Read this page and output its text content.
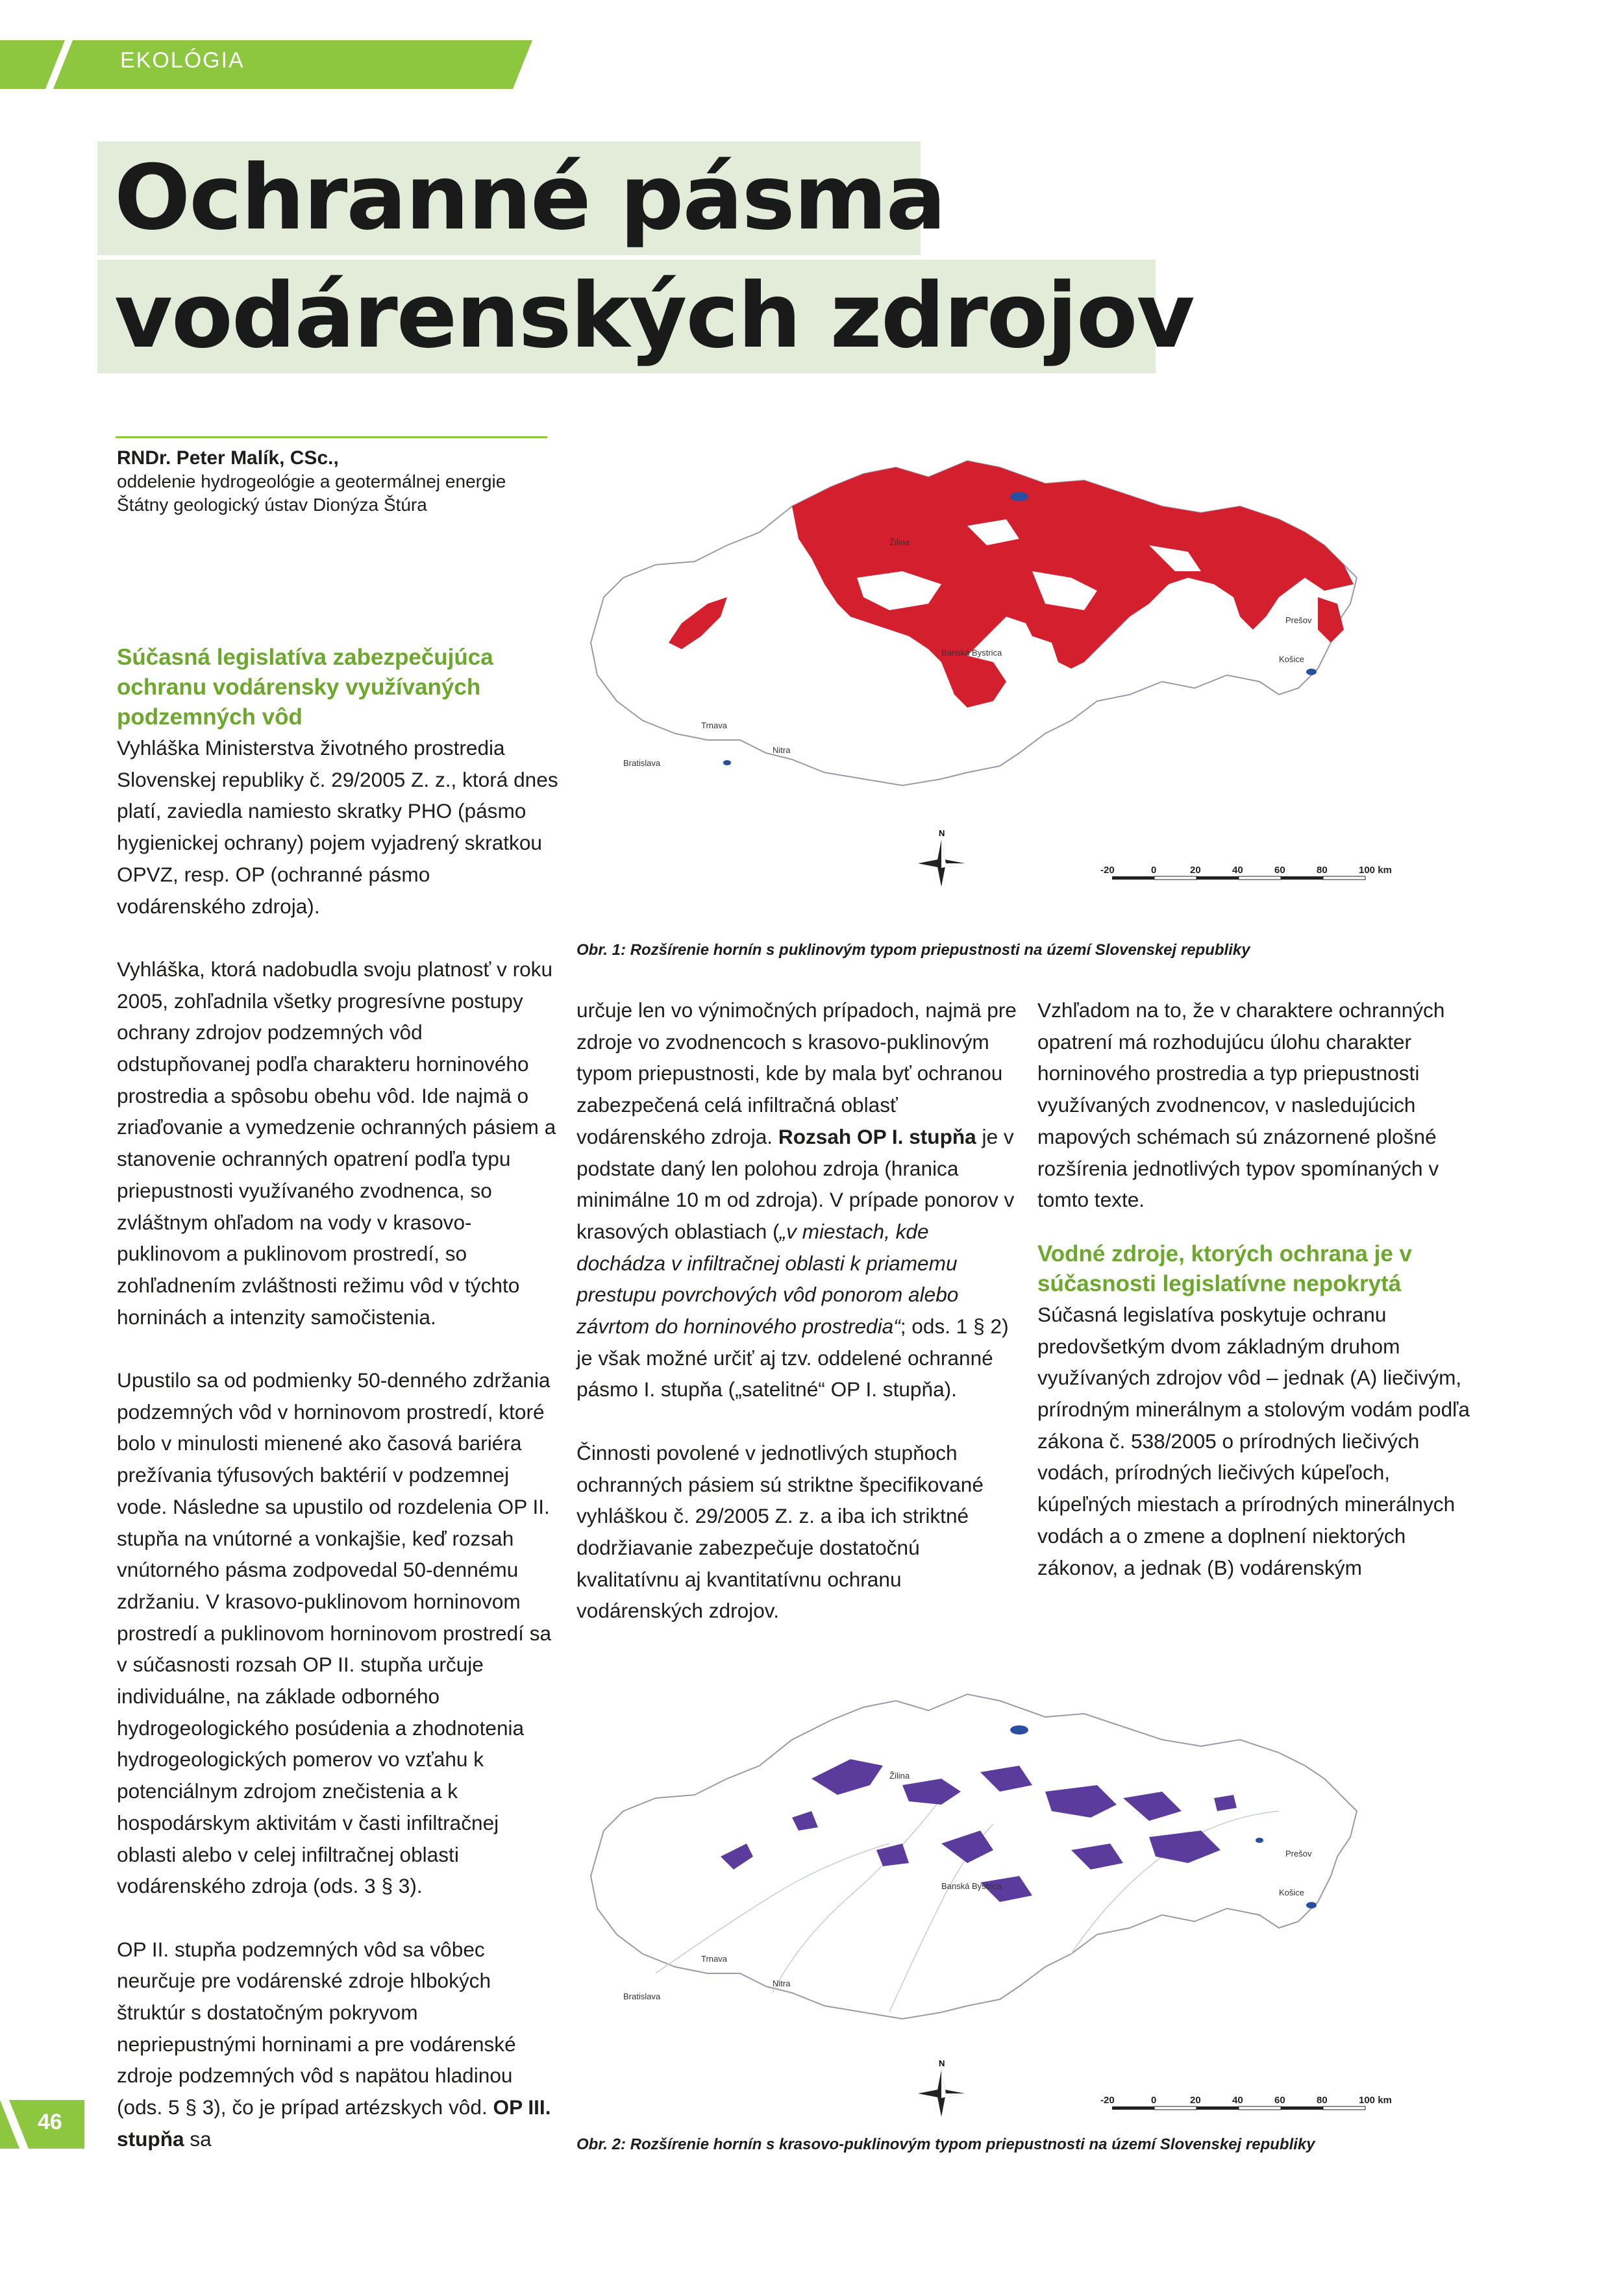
EKOLÓGIA
Ochranné pásma
vodárenských zdrojov
RNDr. Peter Malík, CSc.,
oddelenie hydrogeológie a geotermálnej energie
Štátny geologický ústav Dionýza Štúra
Súčasná legislatíva zabezpečujúca ochranu vodárensky využívaných podzemných vôd

Vyhláška Ministerstva životného prostredia Slovenskej republiky č. 29/2005 Z. z., ktorá dnes platí, zaviedla namiesto skratky PHO (pásmo hygienickej ochrany) pojem vyjadrený skratkou OPVZ, resp. OP (ochranné pásmo vodárenského zdroja).

Vyhláška, ktorá nadobudla svoju platnosť v roku 2005, zohľadnila všetky progresívne postupy ochrany zdrojov podzemných vôd odstupňovanej podľa charakteru horninového prostredia a spôsobu obehu vôd. Ide najmä o zriaďovanie a vymedzenie ochranných pásiem a stanovenie ochranných opatrení podľa typu priepustnosti využívaného zvodnenca, so zvláštnym ohľadom na vody v krasovo-puklinovom a puklinovom prostredí, so zohľadnením zvláštnosti režimu vôd v týchto horninách a intenzity samočistenia.

Upustilo sa od podmienky 50-denného zdržania podzemných vôd v horninovom prostredí, ktoré bolo v minulosti mienené ako časová bariéra prežívania týfusových baktérií v podzemnej vode. Následne sa upustilo od rozdelenia OP II. stupňa na vnútorné a vonkajšie, keď rozsah vnútorného pásma zodpovedal 50-dennému zdržaniu. V krasovo-puklinovom horninovom prostredí a puklinovom horninovom prostredí sa v súčasnosti rozsah OP II. stupňa určuje individuálne, na základe odborného hydrogeologického posúdenia a zhodnotenia hydrogeologických pomerov vo vzťahu k potenciálnym zdrojom znečistenia a k hospodárskym aktivitám v časti infiltračnej oblasti alebo v celej infiltračnej oblasti vodárenského zdroja (ods. 3 § 3).

OP II. stupňa podzemných vôd sa vôbec neurčuje pre vodárenské zdroje hlbokých štruktúr s dostatočným pokryvom nepriepustnými horninami a pre vodárenské zdroje podzemných vôd s napätou hladinou (ods. 5 § 3), čo je prípad artézskych vôd. OP III. stupňa sa

určuje len vo výnimočných prípadoch, najmä pre zdroje vo zvodnencoch s krasovo-puklinovým typom priepustnosti, kde by mala byť ochranou zabezpečená celá infiltračná oblasť vodárenského zdroja. Rozsah OP I. stupňa je v podstate daný len polohou zdroja (hranica minimálne 10 m od zdroja). V prípade ponorov v krasových oblastiach („v miestach, kde dochádza v infiltračnej oblasti k priamemu prestupu povrchových vôd ponorom alebo závrtom do horninového prostredia“; ods. 1 § 2) je však možné určiť aj tzv. oddelené ochranné pásmo I. stupňa („satelitné“ OP I. stupňa).

Činnosti povolené v jednotlivých stupňoch ochranných pásiem sú striktne špecifikované vyhláškou č. 29/2005 Z. z. a iba ich striktné dodržiavanie zabezpečuje dostatočnú kvalitatívnu aj kvantitatívnu ochranu vodárenských zdrojov.

Vzhľadom na to, že v charaktere ochranných opatrení má rozhodujúcu úlohu charakter horninového prostredia a typ priepustnosti využívaných zvodnencov, v nasledujúcich mapových schémach sú znázornené plošné rozšírenia jednotlivých typov spomínaných v tomto texte.

Vodné zdroje, ktorých ochrana je v súčasnosti legislatívne nepokrytá

Súčasná legislatíva poskytuje ochranu predovšetkým dvom základným druhom využívaných zdrojov vôd – jednak (A) liečivým, prírodným minerálnym a stolovým vodám podľa zákona č. 538/2005 o prírodných liečivých vodách, prírodných liečivých kúpeľoch, kúpeľných miestach a prírodných minerálnych vodách a o zmene a doplnení niektorých zákonov, a jednak (B) vodárenským

Bratislava
Trnava
Nitra
Prešov
Košice
Žilina
Banská Bystrica
N
-20	0	20	40	60	80	100 km
Obr. 1: Rozšírenie hornín s puklinovým typom priepustnosti na území Slovenskej republiky
Bratislava
Trnava
Nitra
Prešov
Košice
Žilina
Banská Bystrica
N
-20	0	20	40	60	80	100 km
Obr. 2: Rozšírenie hornín s krasovo-puklinovým typom priepustnosti na území Slovenskej republiky
46
